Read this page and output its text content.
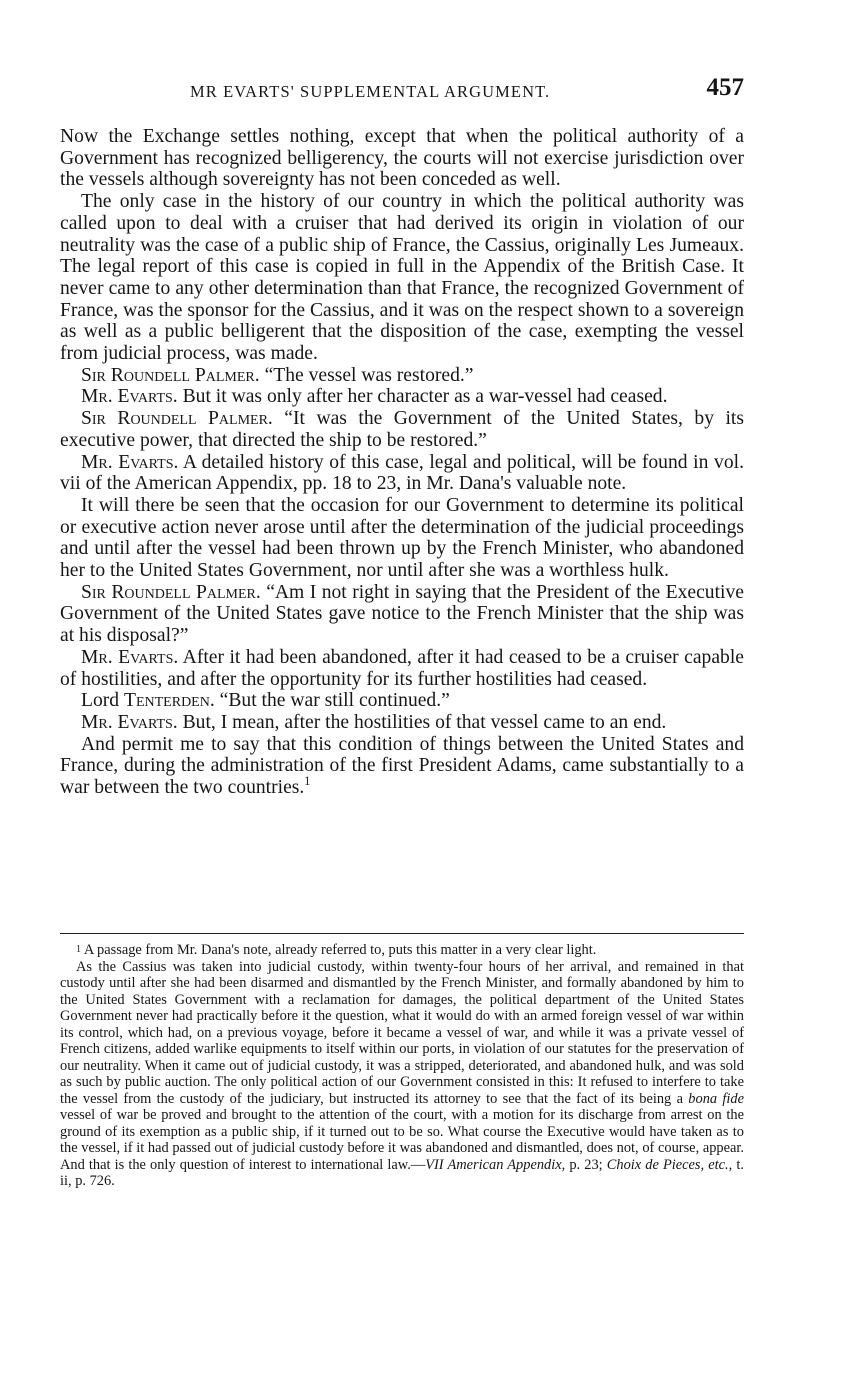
MR EVARTS' SUPPLEMENTAL ARGUMENT.	457

Now the Exchange settles nothing, except that when the political authority of a Government has recognized belligerency, the courts will not exercise jurisdiction over the vessels although sovereignty has not been conceded as well.

The only case in the history of our country in which the political authority was called upon to deal with a cruiser that had derived its origin in violation of our neutrality was the case of a public ship of France, the Cassius, originally Les Jumeaux. The legal report of this case is copied in full in the Appendix of the British Case. It never came to any other determination than that France, the recognized Government of France, was the sponsor for the Cassius, and it was on the respect shown to a sovereign as well as a public belligerent that the disposition of the case, exempting the vessel from judicial process, was made.

Sir Roundell Palmer. “The vessel was restored.”

Mr. Evarts. But it was only after her character as a war-vessel had ceased.

Sir Roundell Palmer. “It was the Government of the United States, by its executive power, that directed the ship to be restored.”

Mr. Evarts. A detailed history of this case, legal and political, will be found in vol. vii of the American Appendix, pp. 18 to 23, in Mr. Dana's valuable note.

It will there be seen that the occasion for our Government to determine its political or executive action never arose until after the determination of the judicial proceedings and until after the vessel had been thrown up by the French Minister, who abandoned her to the United States Government, nor until after she was a worthless hulk.

Sir Roundell Palmer. “Am I not right in saying that the President of the Executive Government of the United States gave notice to the French Minister that the ship was at his disposal?”

Mr. Evarts. After it had been abandoned, after it had ceased to be a cruiser capable of hostilities, and after the opportunity for its further hostilities had ceased.

Lord Tenterden. “But the war still continued.”

Mr. Evarts. But, I mean, after the hostilities of that vessel came to an end.

And permit me to say that this condition of things between the United States and France, during the administration of the first President Adams, came substantially to a war between the two countries.$^1$

$^1$ A passage from Mr. Dana's note, already referred to, puts this matter in a very clear light.

As the Cassius was taken into judicial custody, within twenty-four hours of her arrival, and remained in that custody until after she had been disarmed and dismantled by the French Minister, and formally abandoned by him to the United States Government with a reclamation for damages, the political department of the United States Government never had practically before it the question, what it would do with an armed foreign vessel of war within its control, which had, on a previous voyage, before it became a vessel of war, and while it was a private vessel of French citizens, added warlike equipments to itself within our ports, in violation of our statutes for the preservation of our neutrality. When it came out of judicial custody, it was a stripped, deteriorated, and abandoned hulk, and was sold as such by public auction. The only political action of our Government consisted in this: It refused to interfere to take the vessel from the custody of the judiciary, but instructed its attorney to see that the fact of its being a bona fide vessel of war be proved and brought to the attention of the court, with a motion for its discharge from arrest on the ground of its exemption as a public ship, if it turned out to be so. What course the Executive would have taken as to the vessel, if it had passed out of judicial custody before it was abandoned and dismantled, does not, of course, appear. And that is the only question of interest to international law.—VII American Appendix, p. 23; Choix de Pieces, etc., t. ii, p. 726.
